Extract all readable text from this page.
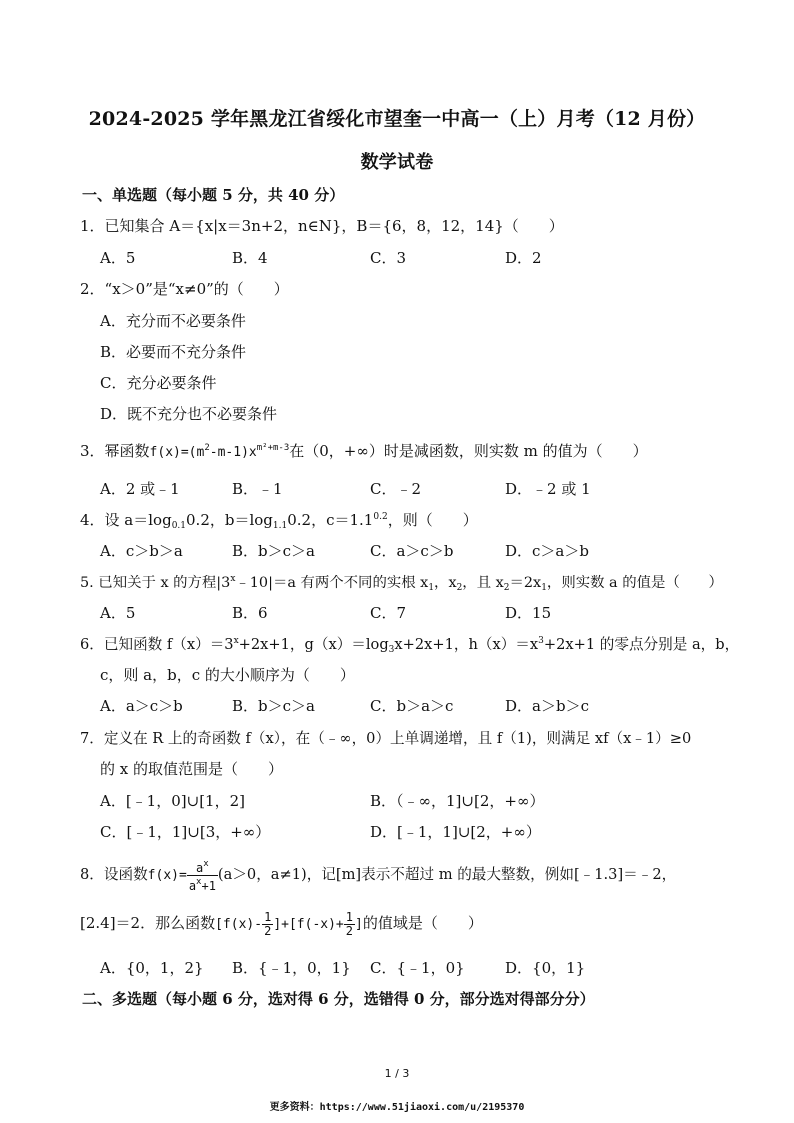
2024-2025 学年黑龙江省绥化市望奎一中高一（上）月考（12 月份）
数学试卷
一、单选题（每小题 5 分，共 40 分）
1．已知集合 A＝{x|x＝3n+2，n∈N}，B＝{6，8，12，14}（　　）
A．5	B．4	C．3	D．2
2．“x＞0”是“x≠0”的（　　）
A．充分而不必要条件
B．必要而不充分条件
C．充分必要条件
D．既不充分也不必要条件
3．幂函数$f(x)=(m^2-m-1)x^{m^2+m-3}$在（0，+∞）时是减函数，则实数 m 的值为（　　）
A．2 或﹣1	B．﹣1	C．﹣2	D．﹣2 或 1
4．设 $a=\log_{0.1}0.2$，$b=\log_{1.1}0.2$，$c=1.1^{0.2}$，则（　　）
A．c＞b＞a	B．b＞c＞a	C．a＞c＞b	D．c＞a＞b
5. 已知关于 x 的方程$|3^x﹣10|=a$ 有两个不同的实根 $x_1$，$x_2$，且 $x_2=2x_1$，则实数 a 的值是（　　）
A．5	B．6	C．7	D．15
6．已知函数 $f(x)=3^x+2x+1$，$g(x)=\log_3x+2x+1$，$h(x)=x^3+2x+1$ 的零点分别是 a，b，
c，则 a，b，c 的大小顺序为（　　）
A．a＞c＞b	B．b＞c＞a	C．b＞a＞c	D．a＞b＞c
7．定义在 R 上的奇函数 f（x），在（﹣∞，0）上单调递增，且 f（1)，则满足 xf（x﹣1）≥0
的 x 的取值范围是（　　）
A．[﹣1，0]∪[1，2]	B．（﹣∞，1]∪[2，+∞）
C．[﹣1，1]∪[3，+∞）	D．[﹣1，1]∪[2，+∞）
8．设函数$f(x)= \frac{a^x}{a^x+1} (a>0$，a≠1)，记[m]表示不超过 m 的最大整数，例如[﹣1.3]＝﹣2，
[2.4]＝2．那么函数$[f(x)- \frac{1}{2} ]+[f(-x)+ \frac{1}{2}$ ]的值域是（　　）
A．{0，1，2} B．{﹣1，0，1} C．{﹣1，0}	D．{0，1}
二、多选题（每小题 6 分，选对得 6 分，选错得 0 分，部分选对得部分分）
1 / 3
更多资料：https://www.51jiaoxi.com/u/2195370
